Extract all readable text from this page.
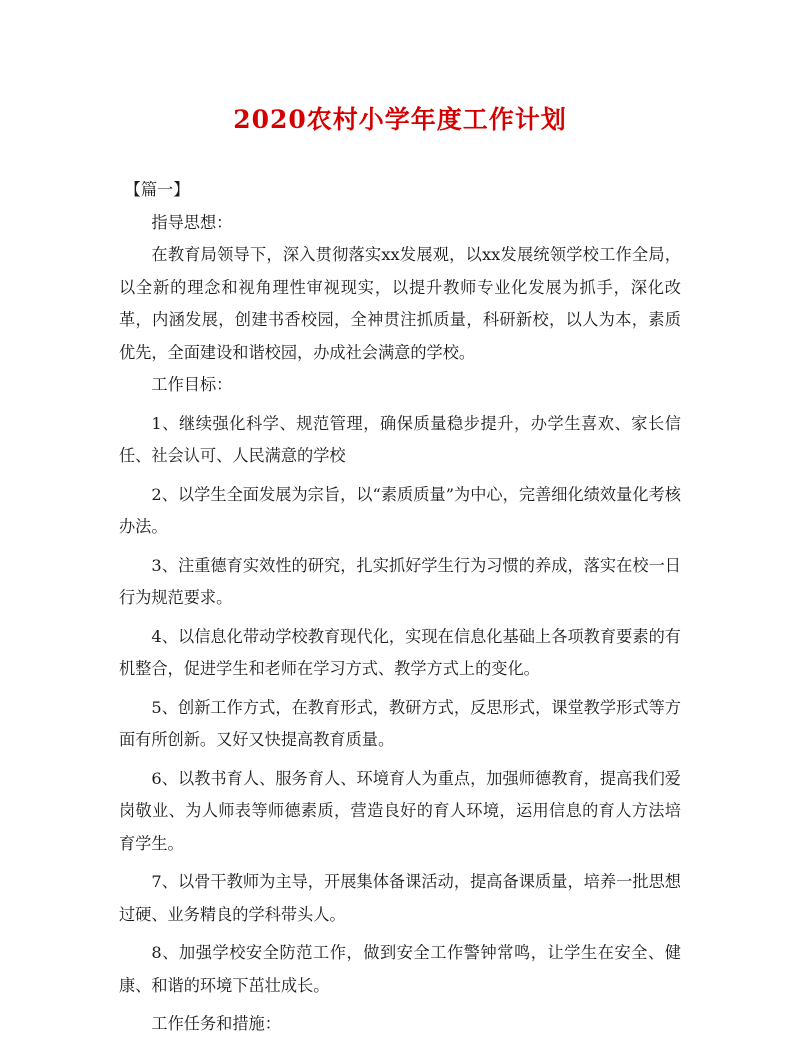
2020农村小学年度工作计划

【篇一】

指导思想：

在教育局领导下，深入贯彻落实xx发展观，以xx发展统领学校工作全局，以全新的理念和视角理性审视现实，以提升教师专业化发展为抓手，深化改革，内涵发展，创建书香校园，全神贯注抓质量，科研新校，以人为本，素质优先，全面建设和谐校园，办成社会满意的学校。

工作目标：

1、继续强化科学、规范管理，确保质量稳步提升，办学生喜欢、家长信任、社会认可、人民满意的学校

2、以学生全面发展为宗旨，以“素质质量”为中心，完善细化绩效量化考核办法。

3、注重德育实效性的研究，扎实抓好学生行为习惯的养成，落实在校一日行为规范要求。

4、以信息化带动学校教育现代化，实现在信息化基础上各项教育要素的有机整合，促进学生和老师在学习方式、教学方式上的变化。

5、创新工作方式，在教育形式，教研方式，反思形式，课堂教学形式等方面有所创新。又好又快提高教育质量。

6、以教书育人、服务育人、环境育人为重点，加强师德教育，提高我们爱岗敬业、为人师表等师德素质，营造良好的育人环境，运用信息的育人方法培育学生。

7、以骨干教师为主导，开展集体备课活动，提高备课质量，培养一批思想过硬、业务精良的学科带头人。

8、加强学校安全防范工作，做到安全工作警钟常鸣，让学生在安全、健康、和谐的环境下茁壮成长。

工作任务和措施：
